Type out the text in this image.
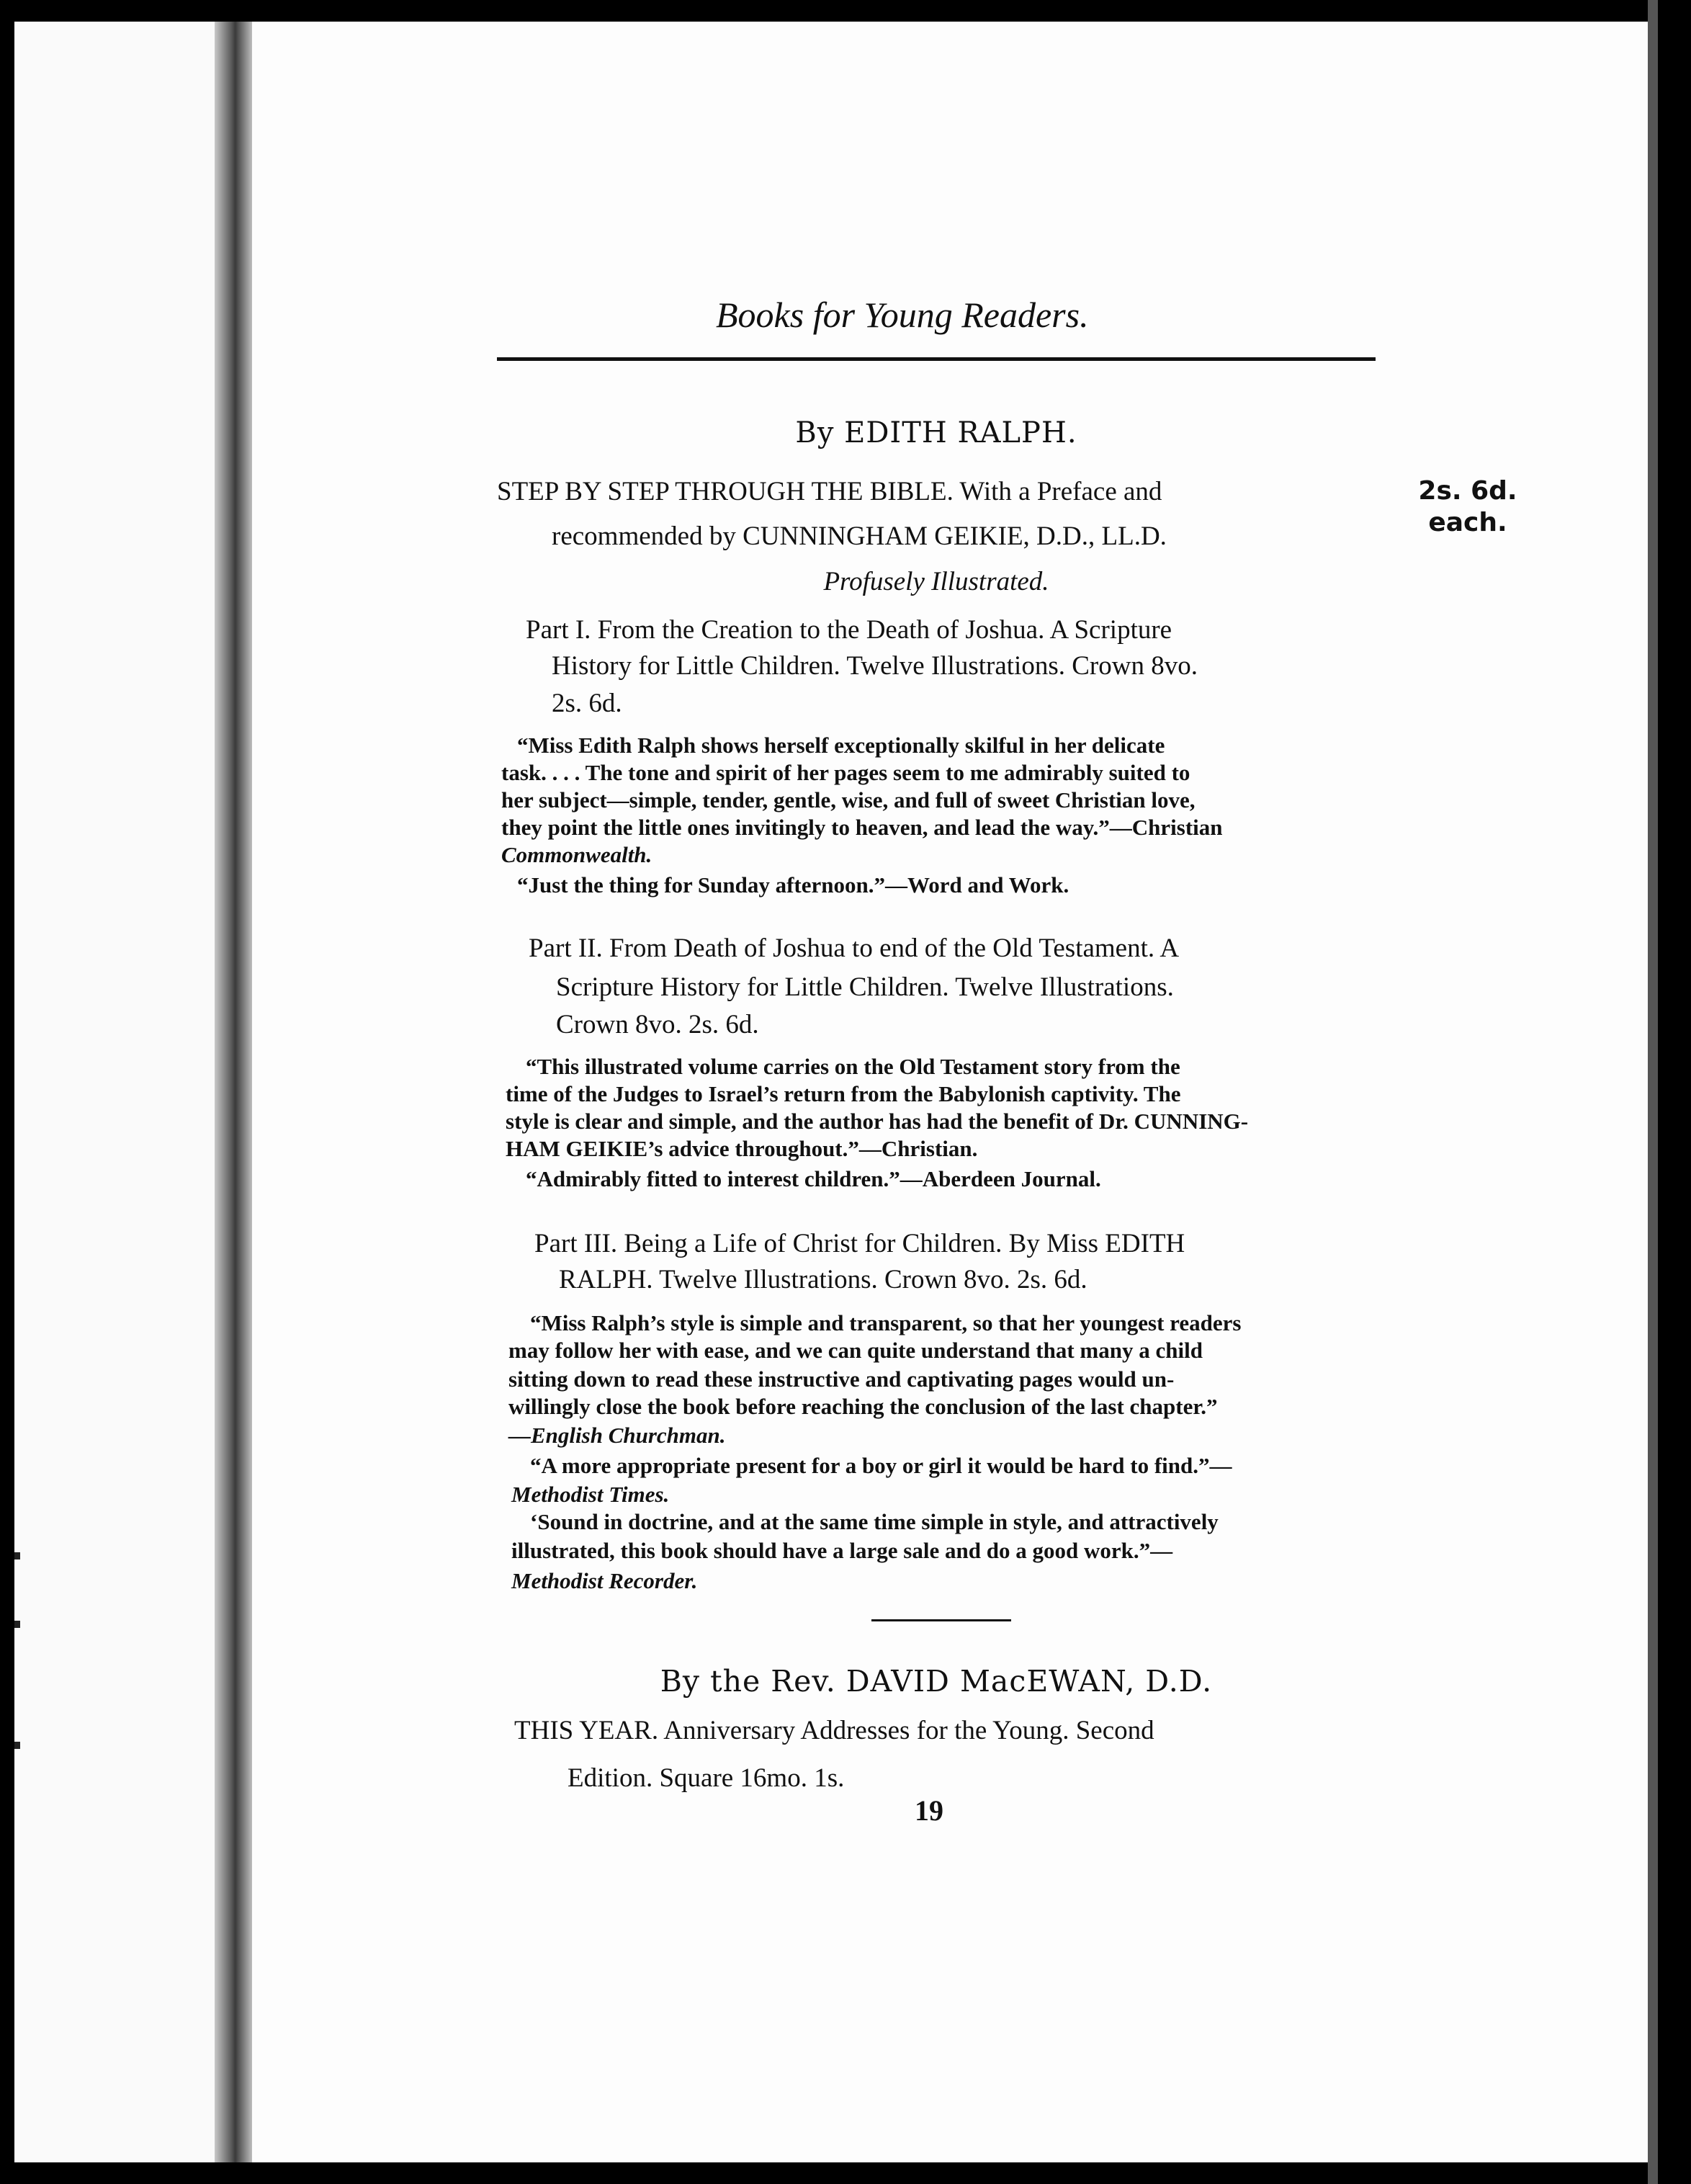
Books for Young Readers.
By EDITH RALPH.
STEP BY STEP THROUGH THE BIBLE. With a Preface and
recommended by CUNNINGHAM GEIKIE, D.D., LL.D.
2s. 6d.
each.
Profusely Illustrated.
Part I. From the Creation to the Death of Joshua. A Scripture
History for Little Children. Twelve Illustrations. Crown 8vo.
2s. 6d.
“Miss Edith Ralph shows herself exceptionally skilful in her delicate
task. . . . The tone and spirit of her pages seem to me admirably suited to
her subject—simple, tender, gentle, wise, and full of sweet Christian love,
they point the little ones invitingly to heaven, and lead the way.”—Christian
Commonwealth.
“Just the thing for Sunday afternoon.”—Word and Work.
Part II. From Death of Joshua to end of the Old Testament. A
Scripture History for Little Children. Twelve Illustrations.
Crown 8vo. 2s. 6d.
“This illustrated volume carries on the Old Testament story from the
time of the Judges to Israel’s return from the Babylonish captivity. The
style is clear and simple, and the author has had the benefit of Dr. CUNNING-
HAM GEIKIE’s advice throughout.”—Christian.
“Admirably fitted to interest children.”—Aberdeen Journal.
Part III. Being a Life of Christ for Children. By Miss EDITH
RALPH. Twelve Illustrations. Crown 8vo. 2s. 6d.
“Miss Ralph’s style is simple and transparent, so that her youngest readers
may follow her with ease, and we can quite understand that many a child
sitting down to read these instructive and captivating pages would un-
willingly close the book before reaching the conclusion of the last chapter.”
—English Churchman.
“A more appropriate present for a boy or girl it would be hard to find.”—
Methodist Times.
‘Sound in doctrine, and at the same time simple in style, and attractively
illustrated, this book should have a large sale and do a good work.”—
Methodist Recorder.
By the Rev. DAVID MacEWAN, D.D.
THIS YEAR. Anniversary Addresses for the Young. Second
Edition. Square 16mo. 1s.
19
